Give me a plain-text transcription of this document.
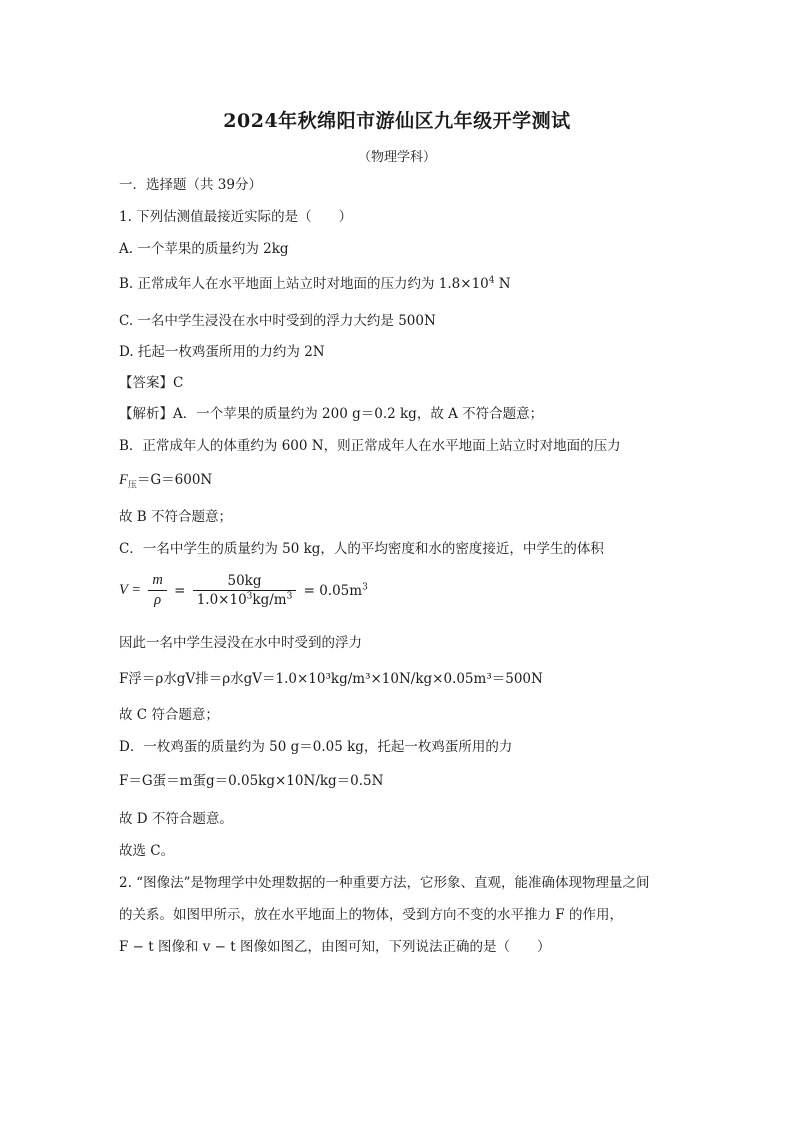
2024年秋绵阳市游仙区九年级开学测试
（物理学科）
一．选择题（共 39分）
1. 下列估测值最接近实际的是（　　）
A. 一个苹果的质量约为 2kg
B. 正常成年人在水平地面上站立时对地面的压力约为 $1.8\times 10^4$ N
C. 一名中学生浸没在水中时受到的浮力大约是 500N
D. 托起一枚鸡蛋所用的力约为 2N
【答案】C
【解析】A．一个苹果的质量约为 200 g＝0.2 kg，故 A 不符合题意；
B．正常成年人的体重约为 600 N，则正常成年人在水平地面上站立时对地面的压力
$F_压=G=600N$
故 B 不符合题意；
C．一名中学生的质量约为 50 kg，人的平均密度和水的密度接近，中学生的体积
$V = \frac{m}{\rho} = \frac{50kg}{1.0\times 10^3kg/m^3} = 0.05m^3$
因此一名中学生浸没在水中时受到的浮力
F浮＝ρ水gV排＝ρ水gV＝1.0×10³kg/m³×10N/kg×0.05m³＝500N
故 C 符合题意；
D．一枚鸡蛋的质量约为 50 g＝0.05 kg，托起一枚鸡蛋所用的力
F＝G蛋＝m蛋g＝0.05kg×10N/kg＝0.5N
故 D 不符合题意。
故选 C。
2. “图像法”是物理学中处理数据的一种重要方法，它形象、直观，能准确体现物理量之间
的关系。如图甲所示，放在水平地面上的物体，受到方向不变的水平推力 F 的作用，
F − t 图像和 v − t 图像如图乙，由图可知，下列说法正确的是（　　）
